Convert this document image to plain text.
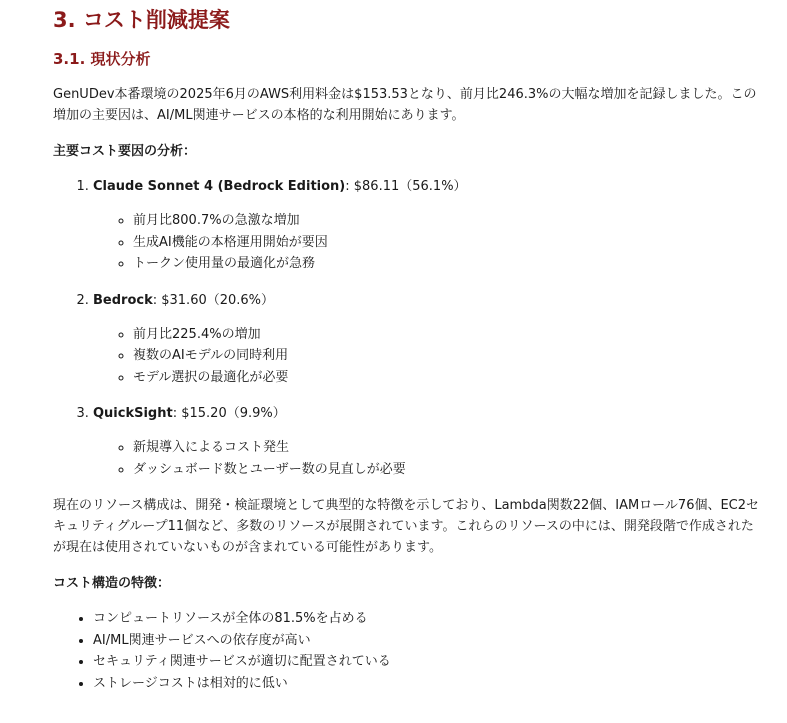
3. コスト削減提案
3.1. 現状分析

GenUDev本番環境の2025年6月のAWS利用料金は$153.53となり、前月比246.3%の大幅な増加を記録しました。この増加の主要因は、AI/ML関連サービスの本格的な利用開始にあります。

主要コスト要因の分析：
1. Claude Sonnet 4 (Bedrock Edition): $86.11（56.1%）
◦ 前月比800.7%の急激な増加
◦ 生成AI機能の本格運用開始が要因
◦ トークン使用量の最適化が急務
2. Bedrock: $31.60（20.6%）
◦ 前月比225.4%の増加
◦ 複数のAIモデルの同時利用
◦ モデル選択の最適化が必要
3. QuickSight: $15.20（9.9%）
◦ 新規導入によるコスト発生
◦ ダッシュボード数とユーザー数の見直しが必要

現在のリソース構成は、開発・検証環境として典型的な特徴を示しており、Lambda関数22個、IAMロール76個、EC2セキュリティグループ11個など、多数のリソースが展開されています。これらのリソースの中には、開発段階で作成されたが現在は使用されていないものが含まれている可能性があります。

コスト構造の特徴：
• コンピュートリソースが全体の81.5%を占める
• AI/ML関連サービスへの依存度が高い
• セキュリティ関連サービスが適切に配置されている
• ストレージコストは相対的に低い
